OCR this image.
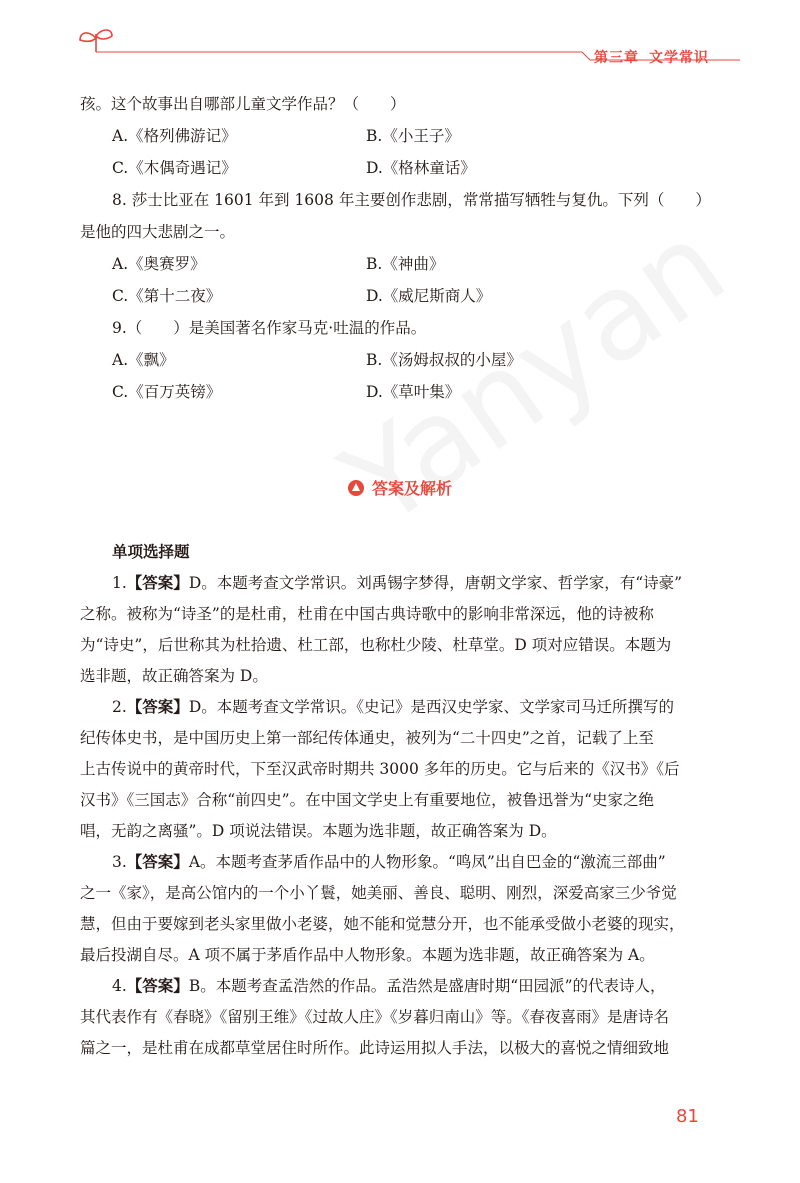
第三章 文学常识
孩。这个故事出自哪部儿童文学作品？（　　）
A.《格列佛游记》	B.《小王子》
C.《木偶奇遇记》	D.《格林童话》
8. 莎士比亚在 1601 年到 1608 年主要创作悲剧，常常描写牺牲与复仇。下列（　　）
是他的四大悲剧之一。
A.《奥赛罗》	B.《神曲》
C.《第十二夜》	D.《威尼斯商人》
9.（　　）是美国著名作家马克·吐温的作品。
A.《飘》	B.《汤姆叔叔的小屋》
C.《百万英镑》	D.《草叶集》
答案及解析
单项选择题

1.【答案】D。本题考查文学常识。刘禹锡字梦得，唐朝文学家、哲学家，有“诗豪”
之称。被称为“诗圣”的是杜甫，杜甫在中国古典诗歌中的影响非常深远，他的诗被称
为“诗史”，后世称其为杜拾遗、杜工部，也称杜少陵、杜草堂。D 项对应错误。本题为
选非题，故正确答案为 D。

2.【答案】D。本题考查文学常识。《史记》是西汉史学家、文学家司马迁所撰写的
纪传体史书，是中国历史上第一部纪传体通史，被列为“二十四史”之首，记载了上至
上古传说中的黄帝时代，下至汉武帝时期共 3000 多年的历史。它与后来的《汉书》《后
汉书》《三国志》合称“前四史”。在中国文学史上有重要地位，被鲁迅誉为“史家之绝
唱，无韵之离骚”。D 项说法错误。本题为选非题，故正确答案为 D。

3.【答案】A。本题考查茅盾作品中的人物形象。“鸣凤”出自巴金的“激流三部曲”
之一《家》，是高公馆内的一个小丫鬟，她美丽、善良、聪明、刚烈，深爱高家三少爷觉
慧，但由于要嫁到老头家里做小老婆，她不能和觉慧分开，也不能承受做小老婆的现实，
最后投湖自尽。A 项不属于茅盾作品中人物形象。本题为选非题，故正确答案为 A。

4.【答案】B。本题考查孟浩然的作品。孟浩然是盛唐时期“田园派”的代表诗人，
其代表作有《春晓》《留别王维》《过故人庄》《岁暮归南山》等。《春夜喜雨》是唐诗名
篇之一，是杜甫在成都草堂居住时所作。此诗运用拟人手法，以极大的喜悦之情细致地

81
